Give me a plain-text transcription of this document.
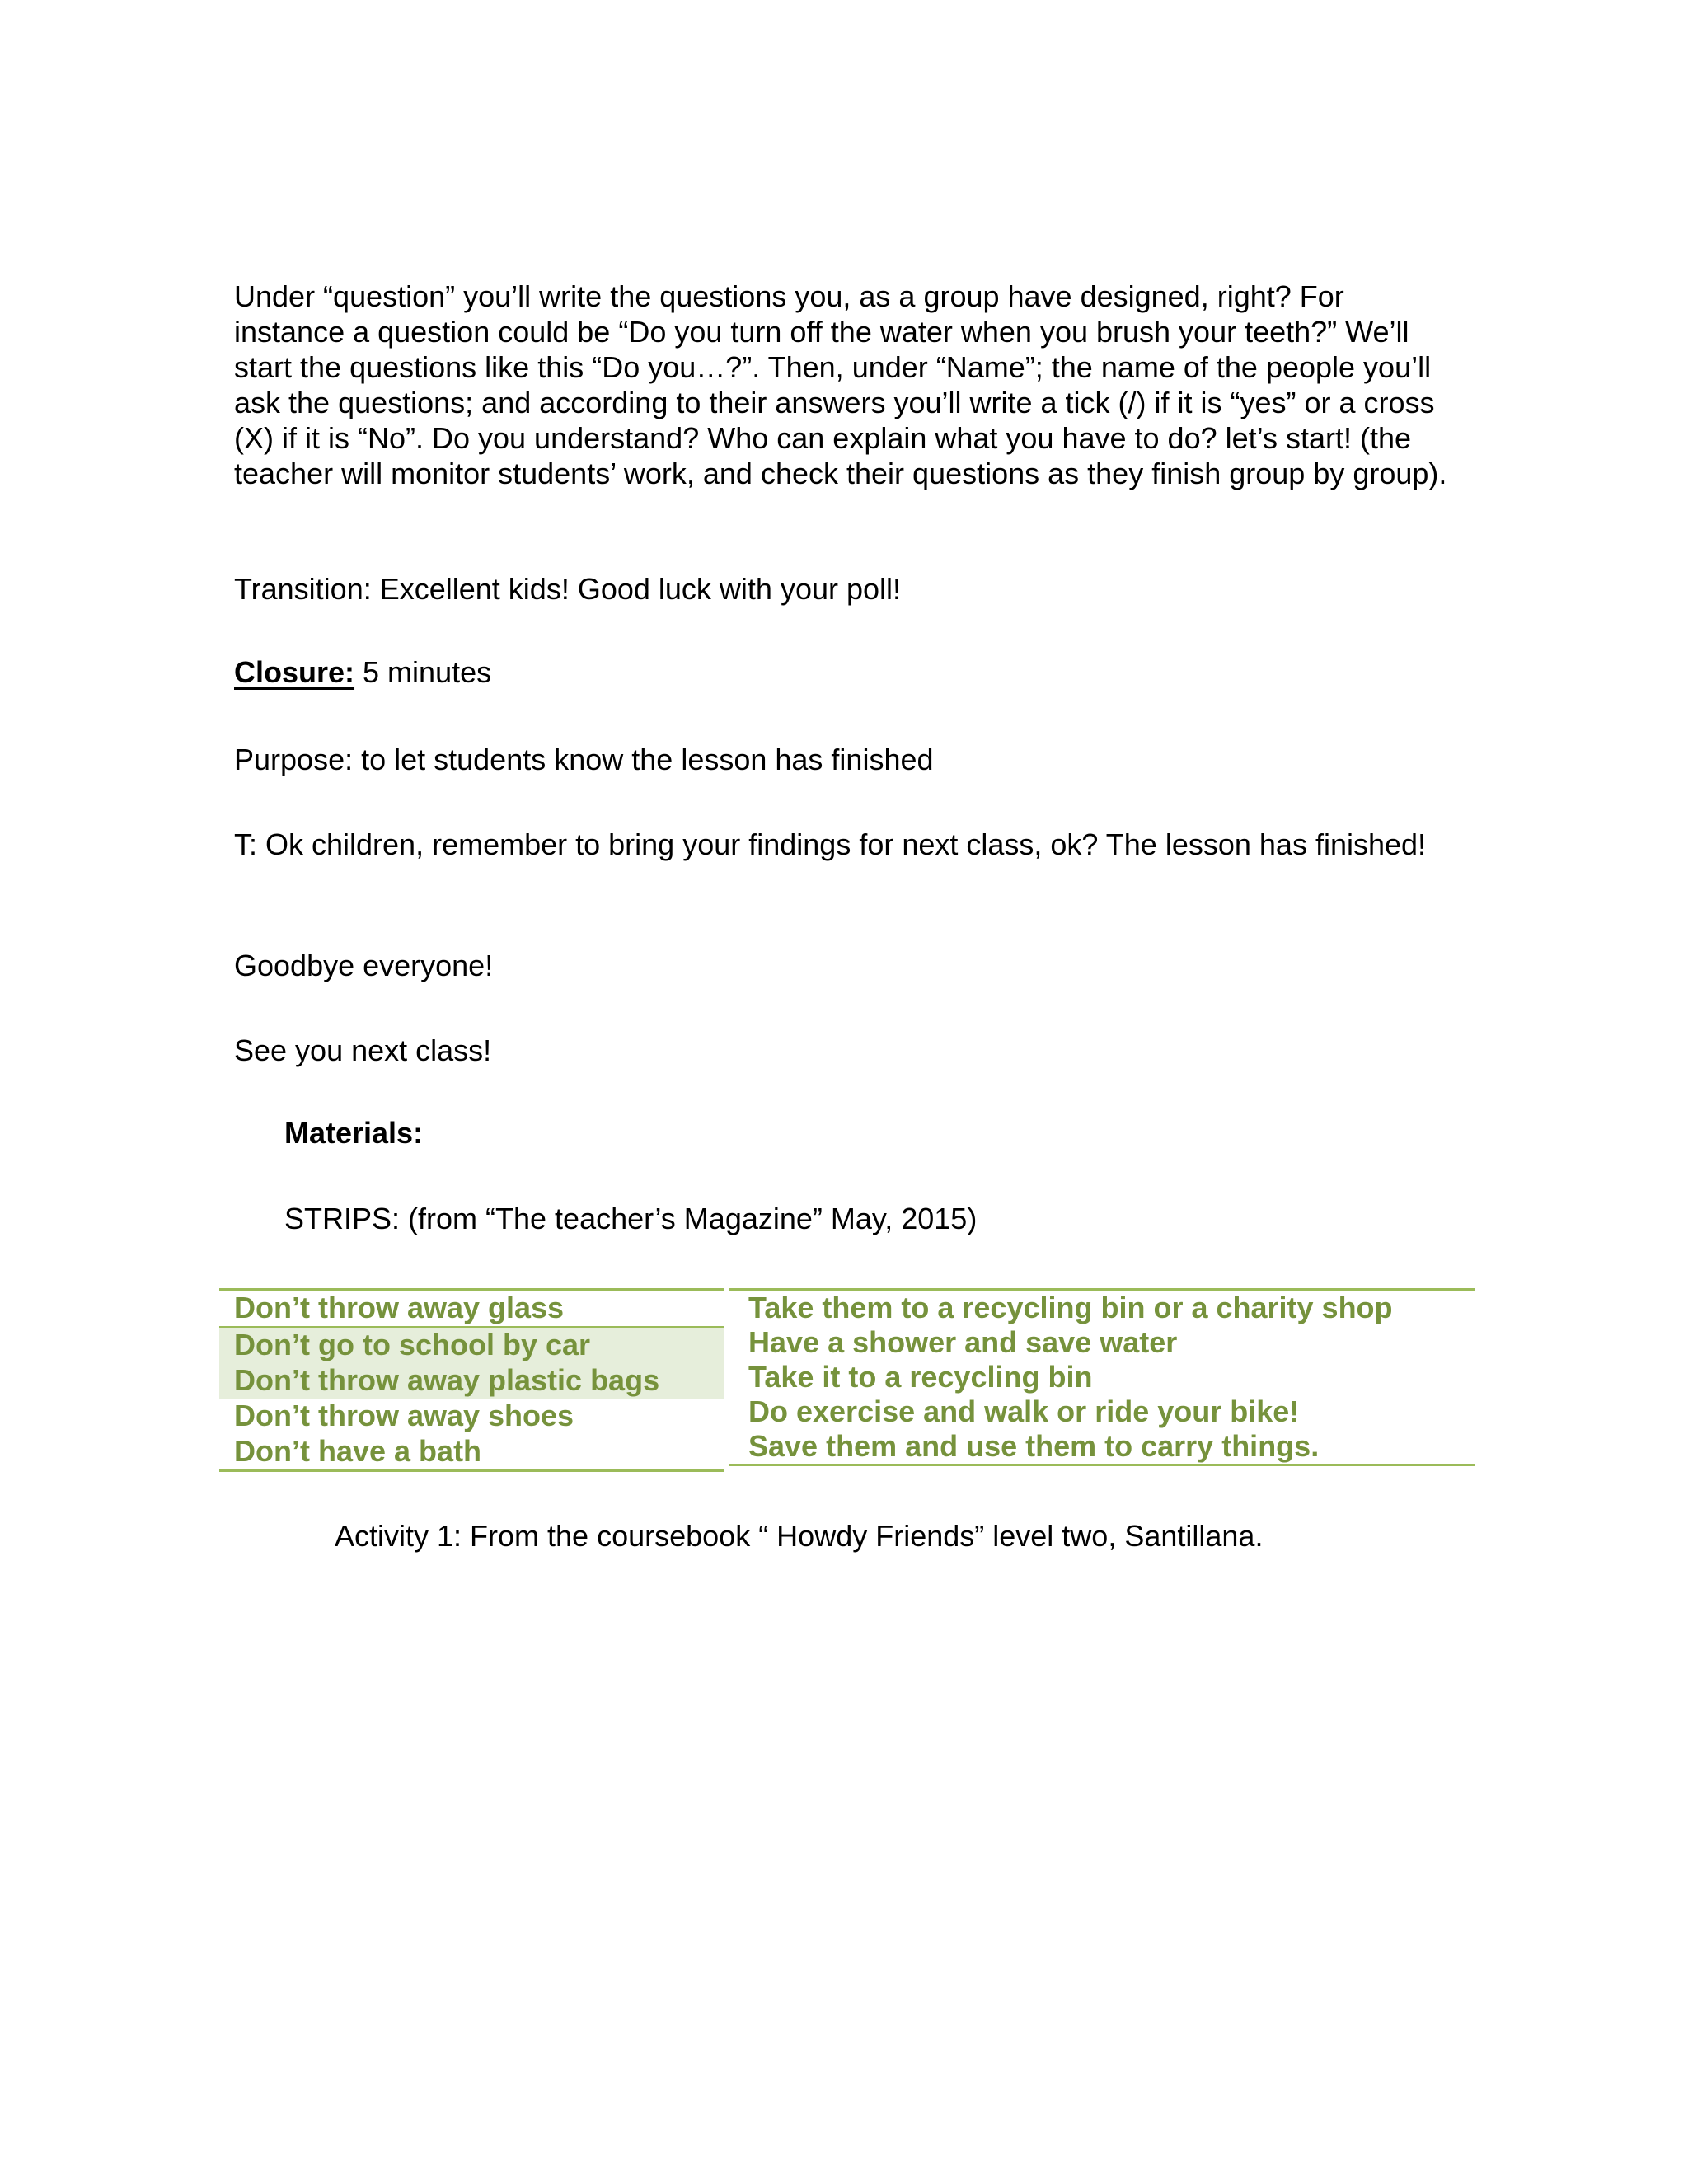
Under “question” you’ll write the questions you, as a group have designed, right? For instance a question could be “Do you turn off the water when you brush your teeth?” We’ll start the questions like this “Do you…?”. Then, under “Name”; the name of the people you’ll ask the questions; and according to their answers you’ll write a tick (/) if it is “yes” or a cross (X) if it is “No”. Do you understand? Who can explain what you have to do? let’s start! (the teacher will monitor students’ work, and check their questions as they finish group by group).

Transition: Excellent kids! Good luck with your poll!

Closure: 5 minutes

Purpose: to let students know the lesson has finished

T: Ok children, remember to bring your findings for next class, ok? The lesson has finished!

Goodbye everyone!

See you next class!

Materials:

STRIPS: (from “The teacher’s Magazine” May, 2015)

Don’t throw away glass
Don’t go to school by car
Don’t throw away plastic bags
Don’t throw away shoes
Don’t have a bath
Take them to a recycling bin or a charity shop
Have a shower and save water
Take it to a recycling bin
Do exercise and walk or ride your bike!
Save them and use them to carry things.

Activity 1: From the coursebook “ Howdy Friends” level two, Santillana.
